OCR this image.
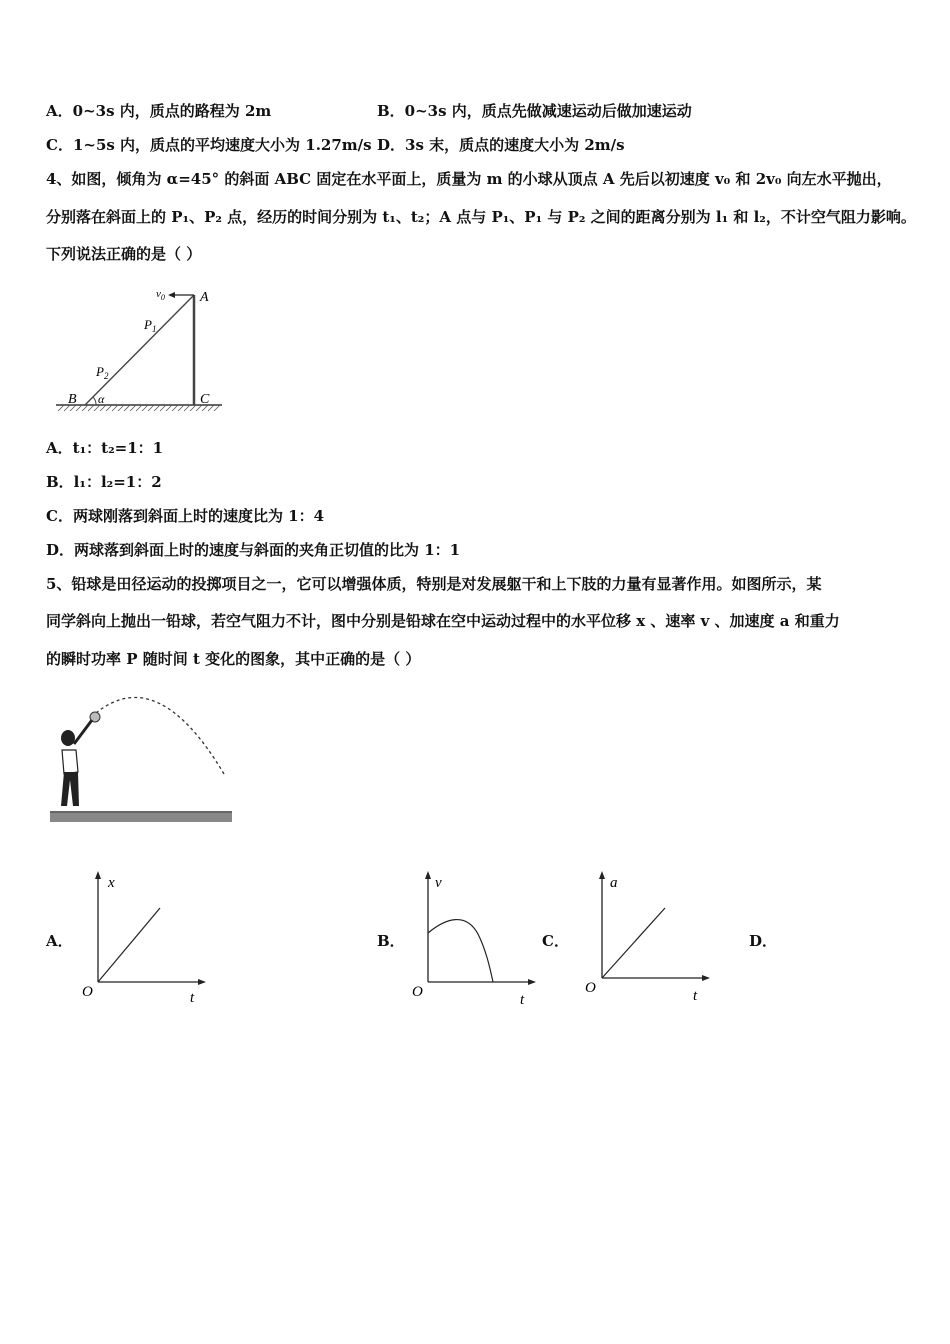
A．0~3s 内，质点的路程为 2m	B．0~3s 内，质点先做减速运动后做加速运动
C．1~5s 内，质点的平均速度大小为 1.27m/s D．3s 末，质点的速度大小为 2m/s
4、如图，倾角为 α=45° 的斜面 ABC 固定在水平面上，质量为 m 的小球从顶点 A 先后以初速度 v₀ 和 2v₀ 向左水平抛出，
分别落在斜面上的 P₁、P₂ 点，经历的时间分别为 t₁、t₂；A 点与 P₁、P₁ 与 P₂ 之间的距离分别为 l₁ 和 l₂，不计空气阻力影响。
下列说法正确的是（ ）
$v_0$	A
$P_1$
$P_2$
B α	C
A．t₁：t₂=1：1
B．l₁：l₂=1：2
C．两球刚落到斜面上时的速度比为 1：4
D．两球落到斜面上时的速度与斜面的夹角正切值的比为 1：1
5、铅球是田径运动的投掷项目之一，它可以增强体质，特别是对发展躯干和上下肢的力量有显著作用。如图所示，某
同学斜向上抛出一铅球，若空气阻力不计，图中分别是铅球在空中运动过程中的水平位移 x 、速率 v 、加速度 a 和重力
的瞬时功率 P 随时间 t 变化的图象，其中正确的是（ ）
A．	B．	C．	D．
x
t
O
v
t
O
a
t
O
